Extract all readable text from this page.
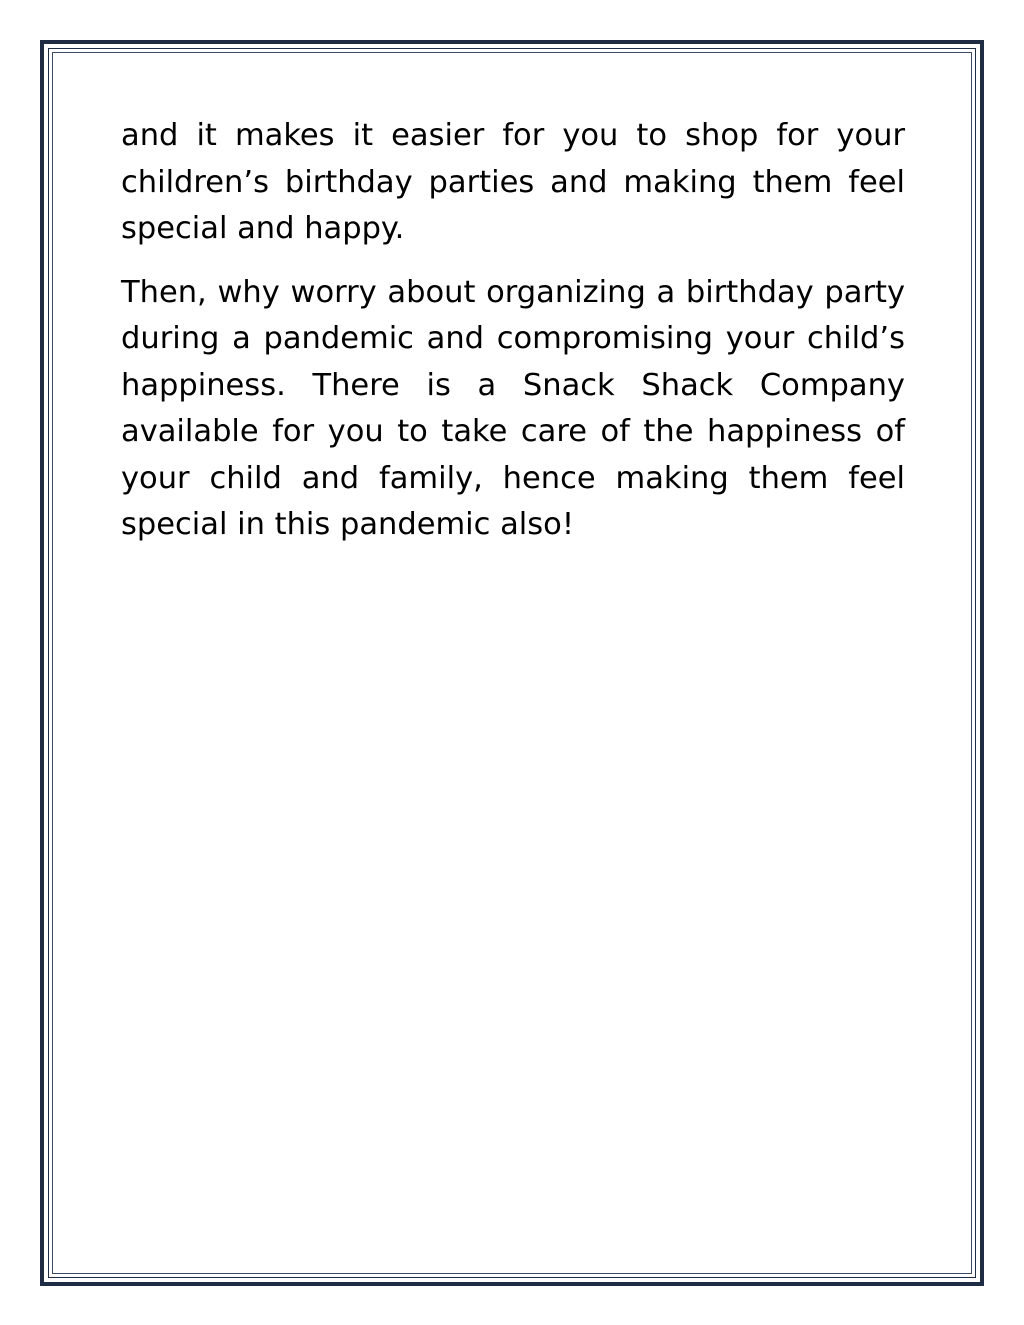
and it makes it easier for you to shop for your children’s birthday parties and making them feel special and happy.

Then, why worry about organizing a birthday party during a pandemic and compromising your child’s happiness. There is a Snack Shack Company available for you to take care of the happiness of your child and family, hence making them feel special in this pandemic also!
